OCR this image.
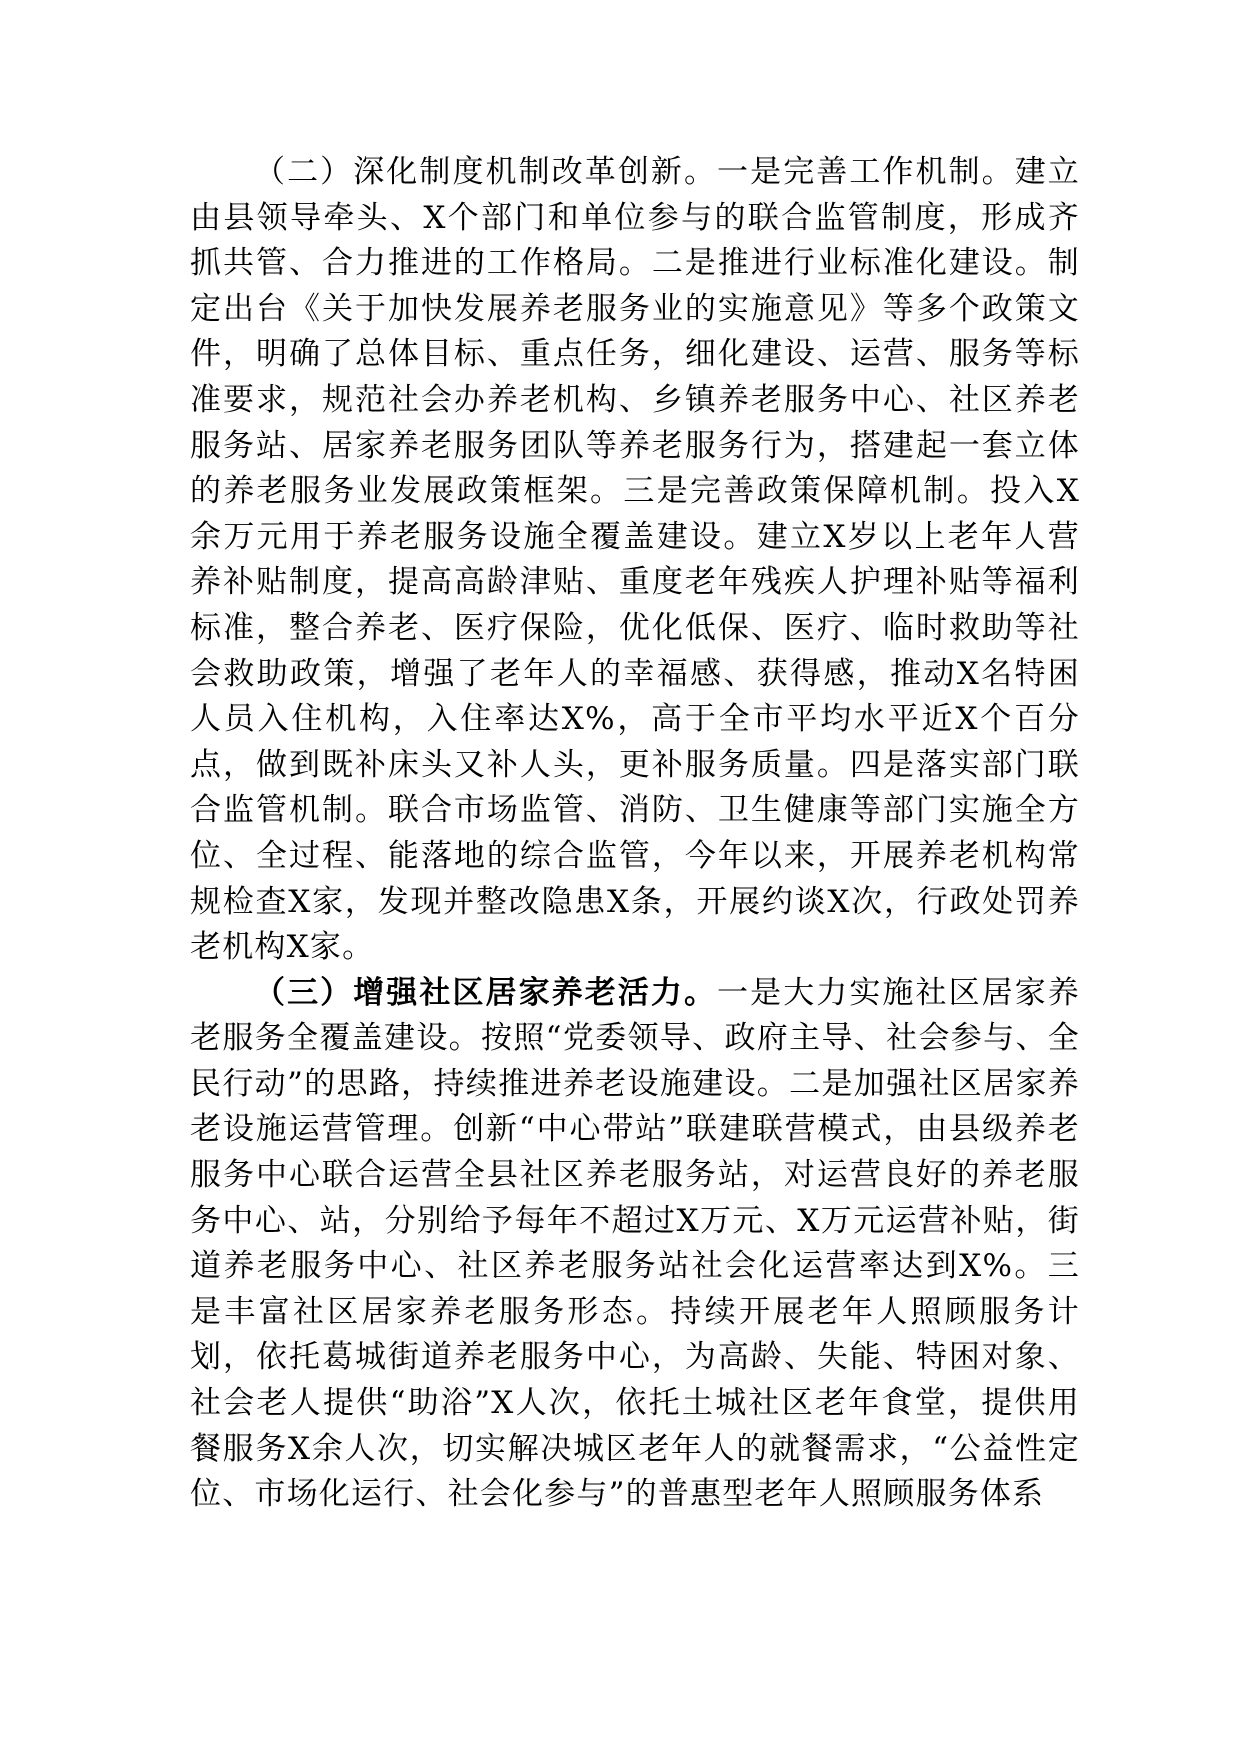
（二）深化制度机制改革创新。一是完善工作机制。建立由县领导牵头、X个部门和单位参与的联合监管制度，形成齐抓共管、合力推进的工作格局。二是推进行业标准化建设。制定出台《关于加快发展养老服务业的实施意见》等多个政策文件，明确了总体目标、重点任务，细化建设、运营、服务等标准要求，规范社会办养老机构、乡镇养老服务中心、社区养老服务站、居家养老服务团队等养老服务行为，搭建起一套立体的养老服务业发展政策框架。三是完善政策保障机制。投入X余万元用于养老服务设施全覆盖建设。建立X岁以上老年人营养补贴制度，提高高龄津贴、重度老年残疾人护理补贴等福利标准，整合养老、医疗保险，优化低保、医疗、临时救助等社会救助政策，增强了老年人的幸福感、获得感，推动X名特困人员入住机构，入住率达X%，高于全市平均水平近X个百分点，做到既补床头又补人头，更补服务质量。四是落实部门联合监管机制。联合市场监管、消防、卫生健康等部门实施全方位、全过程、能落地的综合监管，今年以来，开展养老机构常规检查X家，发现并整改隐患X条，开展约谈X次，行政处罚养老机构X家。

（三）增强社区居家养老活力。一是大力实施社区居家养老服务全覆盖建设。按照“党委领导、政府主导、社会参与、全民行动”的思路，持续推进养老设施建设。二是加强社区居家养老设施运营管理。创新“中心带站”联建联营模式，由县级养老服务中心联合运营全县社区养老服务站，对运营良好的养老服务中心、站，分别给予每年不超过X万元、X万元运营补贴，街道养老服务中心、社区养老服务站社会化运营率达到X%。三是丰富社区居家养老服务形态。持续开展老年人照顾服务计划，依托葛城街道养老服务中心，为高龄、失能、特困对象、社会老人提供“助浴”X人次，依托土城社区老年食堂，提供用餐服务X余人次，切实解决城区老年人的就餐需求，“公益性定位、市场化运行、社会化参与”的普惠型老年人照顾服务体系
